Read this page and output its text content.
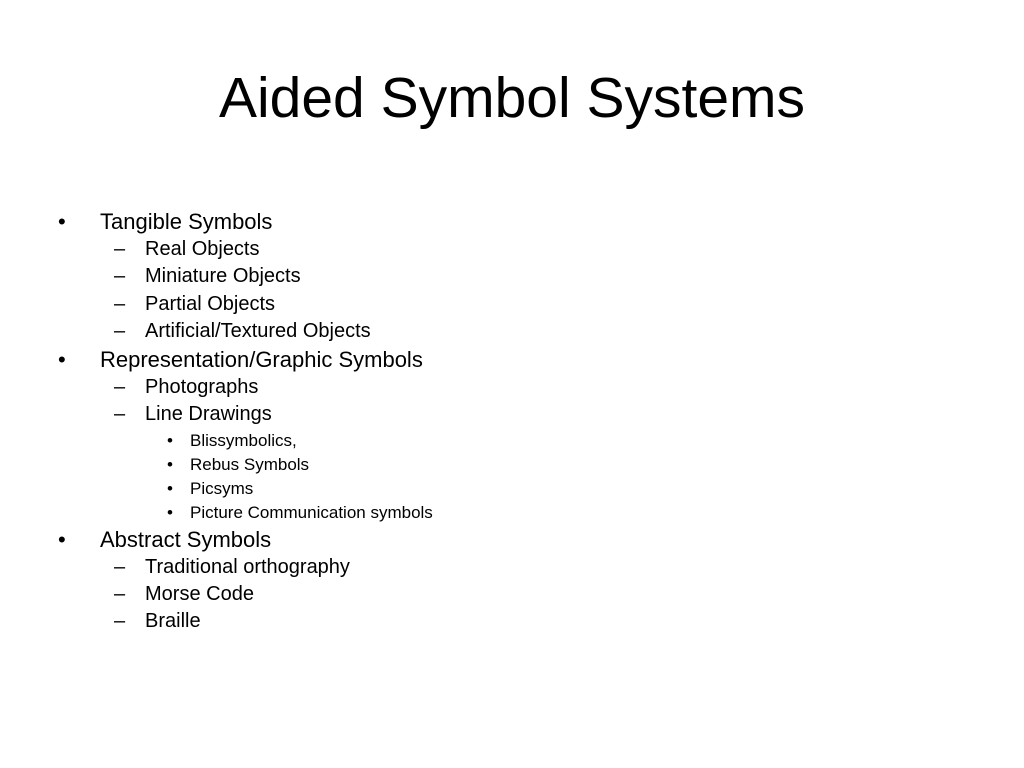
Aided Symbol Systems
• Tangible Symbols
– Real Objects
– Miniature Objects
– Partial Objects
– Artificial/Textured Objects
• Representation/Graphic Symbols
– Photographs
– Line Drawings
• Blissymbolics,
• Rebus Symbols
• Picsyms
• Picture Communication symbols
• Abstract Symbols
– Traditional orthography
– Morse Code
– Braille
